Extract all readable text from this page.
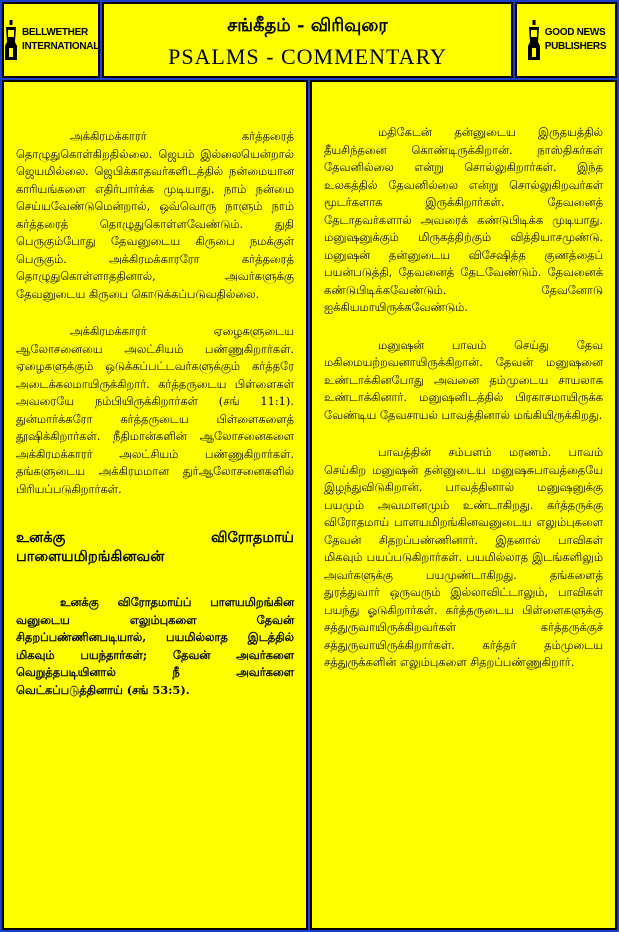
BELLWETHER
INTERNATIONAL
சங்கீதம் - விரிவுரை
PSALMS - COMMENTARY
GOOD NEWS
PUBLISHERS

அக்கிரமக்காரர் கர்த்தரைத் தொழுதுகொள்கிறதில்லை. ஜெபம் இல்லையென்றால் ஜெயமில்லை. ஜெபிக்காதவர்களிடத்தில் நன்மையான காரியங்களை எதிர்பார்க்க முடியாது. நாம் நன்மை செய்யவேண்டுமென்றால், ஒவ்வொரு நாளும் நாம் கர்த்தரைத் தொழுதுகொள்ளவேண்டும். துதி பெருகும்போது தேவனுடைய கிருபை நமக்குள் பெருகும். அக்கிரமக்காரரோ கர்த்தரைத் தொழுதுகொள்ளாததினால், அவர்களுக்கு தேவனுடைய கிருபை கொடுக்கப்படுவதில்லை.

அக்கிரமக்காரர் ஏழைகளுடைய ஆலோசனையை அலட்சியம் பண்ணுகிறார்கள். ஏழைகளுக்கும் ஒடுக்கப்பட்டவர்களுக்கும் கர்த்தரே அடைக்கலமாயிருக்கிறார். கர்த்தருடைய பிள்ளைகள் அவரையே நம்பியிருக்கிறார்கள் (சங் 11:1). துன்மார்க்கரோ கர்த்தருடைய பிள்ளைகளைத் தூஷிக்கிறார்கள். நீதிமான்களின் ஆலோசனைகளை அக்கிரமக்காரர் அலட்சியம் பண்ணுகிறார்கள். தங்களுடைய அக்கிரமமான துர்ஆலோசனைகளில் பிரியப்படுகிறார்கள்.

உனக்கு விரோதமாய் பாளையமிறங்கினவன்

உனக்கு விரோதமாய்ப் பாளயமிறங்கின வனுடைய எலும்புகளை தேவன் சிதறப்பண்ணினபடியால், பயமில்லாத இடத்தில் மிகவும் பயந்தார்கள்; தேவன் அவர்களை வெறுத்தபடியினால் நீ அவர்களை வெட்கப்படுத்தினாய் (சங் 53:5).

மதிகேடன் தன்னுடைய இருதயத்தில் தீயசிந்தனை கொண்டிருக்கிறான். நாஸ்திகர்கள் தேவனில்லை என்று சொல்லுகிறார்கள். இந்த உலகத்தில் தேவனில்லை என்று சொல்லுகிறவர்கள் மூடர்களாக இருக்கிறார்கள். தேவனைத் தேடாதவர்களால் அவரைக் கண்டுபிடிக்க முடியாது. மனுஷனுக்கும் மிருகத்திற்கும் வித்தியாசமுண்டு. மனுஷன் தன்னுடைய விசேஷித்த குணத்தைப் பயன்படுத்தி, தேவனைத் தேடவேண்டும். தேவனைக் கண்டுபிடிக்கவேண்டும். தேவனோடு ஐக்கியமாயிருக்கவேண்டும்.

மனுஷன் பாவம் செய்து தேவ மகிமையற்றவனாயிருக்கிறான். தேவன் மனுஷனை உண்டாக்கினபோது அவனை தம்முடைய சாயலாக உண்டாக்கினார். மனுஷனிடத்தில் பிரகாசமாயிருக்க வேண்டிய தேவசாயல் பாவத்தினால் மங்கியிருக்கிறது.

பாவத்தின் சம்பளம் மரணம். பாவம் செய்கிற மனுஷன் தன்னுடைய மனுஷசுபாவத்தையே இழந்துவிடுகிறான். பாவத்தினால் மனுஷனுக்கு பயமும் அவமானமும் உண்டாகிறது. கர்த்தருக்கு விரோதமாய் பாளயமிறங்கினவனுடைய எலும்புகளை தேவன் சிதறப்பண்ணினார். இதனால் பாவிகள் மிகவும் பயப்படுகிறார்கள். பயமில்லாத இடங்களிலும் அவர்களுக்கு பயமுண்டாகிறது. தங்களைத் துரத்துவார் ஒருவரும் இல்லாவிட்டாலும், பாவிகள் பயந்து ஓடுகிறார்கள். கர்த்தருடைய பிள்ளைகளுக்கு சத்துருவாயிருக்கிறவர்கள் கர்த்தருக்குச் சத்துருவாயிருக்கிறார்கள். கர்த்தர் தம்முடைய சத்துருக்களின் எலும்புகளை சிதறப்பண்ணுகிறார்.
